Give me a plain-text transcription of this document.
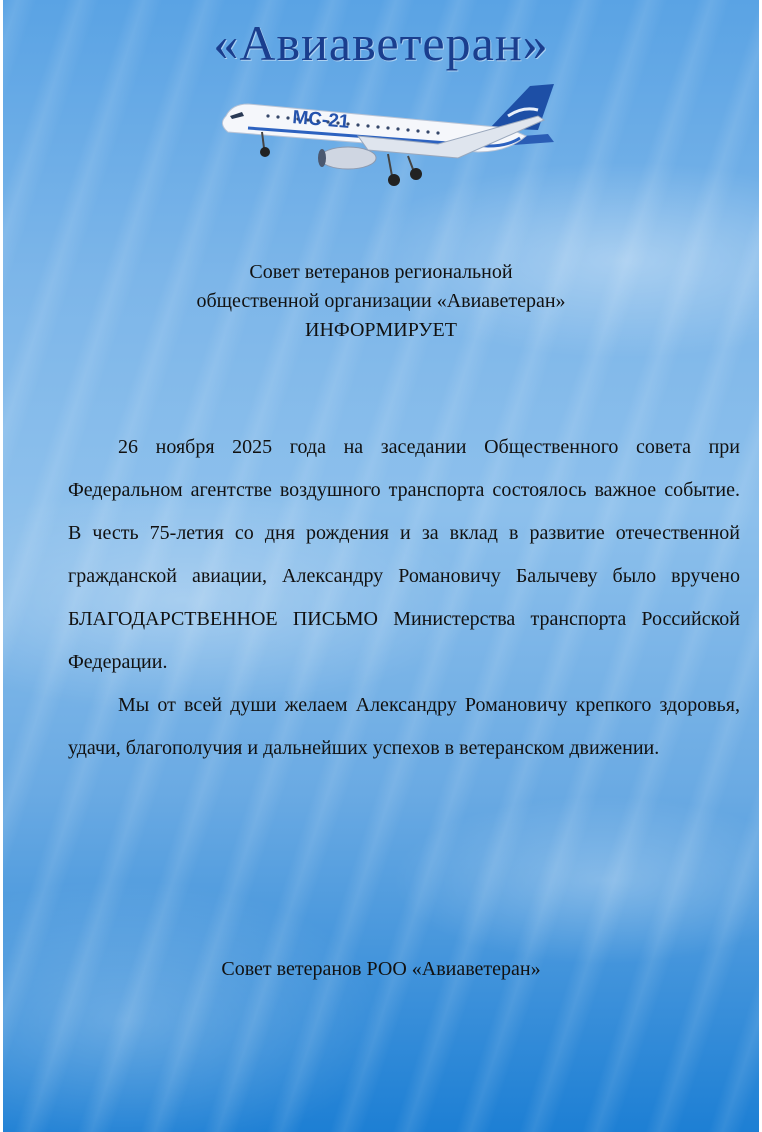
«Авиаветеран»
MC-21
Совет ветеранов региональной
общественной организации «Авиаветеран»
ИНФОРМИРУЕТ

26 ноября 2025 года на заседании Общественного совета при Федеральном агентстве воздушного транспорта состоялось важное событие. В честь 75-летия со дня рождения и за вклад в развитие отечественной гражданской авиации, Александру Романовичу Балычеву было вручено БЛАГОДАРСТВЕННОЕ ПИСЬМО Министерства транспорта Российской Федерации.

Мы от всей души желаем Александру Романовичу крепкого здоровья, удачи, благополучия и дальнейших успехов в ветеранском движении.

Совет ветеранов РОО «Авиаветеран»
